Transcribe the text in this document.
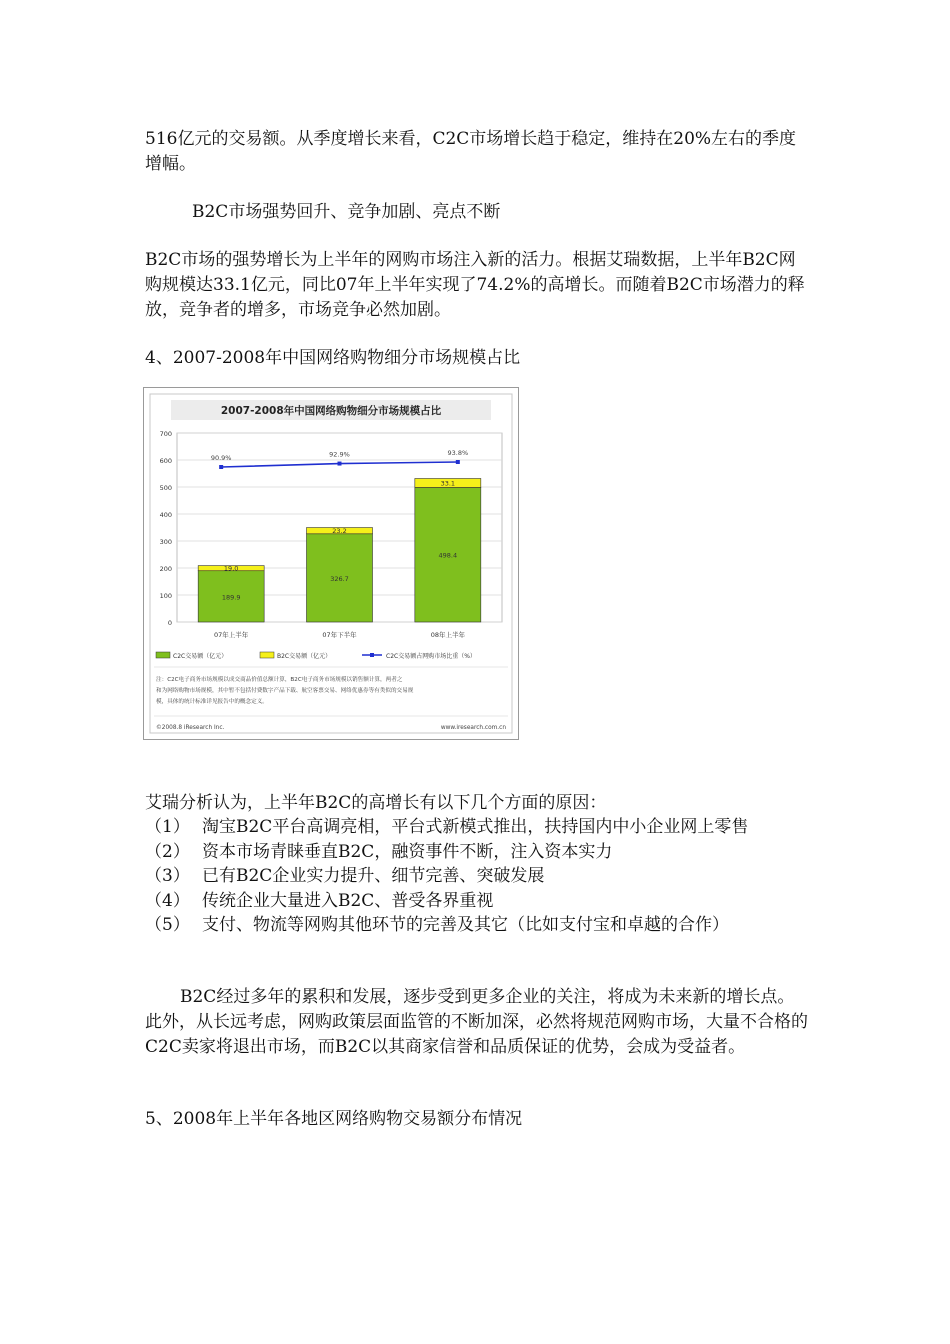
516亿元的交易额。从季度增长来看，C2C市场增长趋于稳定，维持在20%左右的季度增幅。

B2C市场强势回升、竞争加剧、亮点不断

B2C市场的强势增长为上半年的网购市场注入新的活力。根据艾瑞数据，上半年B2C网购规模达33.1亿元，同比07年上半年实现了74.2%的高增长。而随着B2C市场潜力的释放，竞争者的增多，市场竞争必然加剧。

4、2007-2008年中国网络购物细分市场规模占比
2007-2008年中国网络购物细分市场规模占比
189.9
19.0
326.7
23.2
498.4
33.1
90.9%	92.9%	93.8%
0
100
200
300
400
500
600
700
07年上半年	07年下半年	08年上半年
C2C交易额（亿元）	B2C交易额（亿元）	C2C交易额占网购市场比重（%）
注：C2C电子商务市场规模以成交商品价值总额计算，B2C电子商务市场规模以销售额计算，两者之
和为网络购物市场规模，其中暂不包括付费数字产品下载、航空客票交易、网络优惠券等有类似的交易规
模，具体的统计标准详见报告中的概念定义。
©2008.8 iResearch Inc.	www.iresearch.com.cn

艾瑞分析认为，上半年B2C的高增长有以下几个方面的原因：

（1） 淘宝B2C平台高调亮相，平台式新模式推出，扶持国内中小企业网上零售
（2） 资本市场青睐垂直B2C，融资事件不断，注入资本实力
（3） 已有B2C企业实力提升、细节完善、突破发展
（4） 传统企业大量进入B2C、普受各界重视
（5） 支付、物流等网购其他环节的完善及其它（比如支付宝和卓越的合作）

B2C经过多年的累积和发展，逐步受到更多企业的关注，将成为未来新的增长点。此外，从长远考虑，网购政策层面监管的不断加深，必然将规范网购市场，大量不合格的C2C卖家将退出市场，而B2C以其商家信誉和品质保证的优势，会成为受益者。

5、2008年上半年各地区网络购物交易额分布情况
